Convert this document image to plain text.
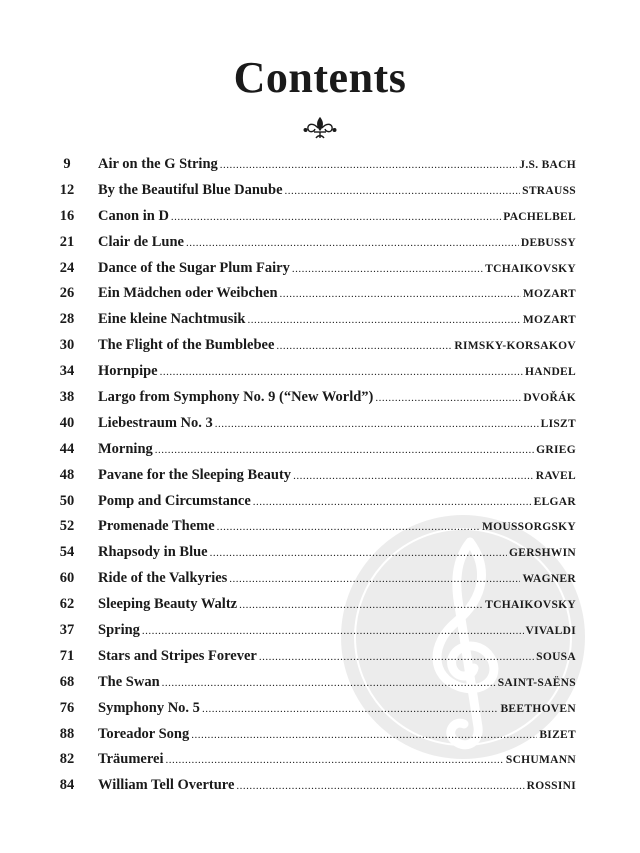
Contents
9	Air on the G String .....	J.S. BACH
12	By the Beautiful Blue Danube .....	STRAUSS
16	Canon in D .....	PACHELBEL
21	Clair de Lune .....	DEBUSSY
24	Dance of the Sugar Plum Fairy .....	TCHAIKOVSKY
26	Ein Mädchen oder Weibchen .....	MOZART
28	Eine kleine Nachtmusik .....	MOZART
30	The Flight of the Bumblebee .....	RIMSKY-KORSAKOV
34	Hornpipe .....	HANDEL
38	Largo from Symphony No. 9 (“New World”) .....	DVOŘÁK
40	Liebestraum No. 3 .....	LISZT
44	Morning .....	GRIEG
48	Pavane for the Sleeping Beauty .....	RAVEL
50	Pomp and Circumstance .....	ELGAR
52	Promenade Theme .....	MOUSSORGSKY
54	Rhapsody in Blue .....	GERSHWIN
60	Ride of the Valkyries .....	WAGNER
62	Sleeping Beauty Waltz .....	TCHAIKOVSKY
37	Spring .....	VIVALDI
71	Stars and Stripes Forever .....	SOUSA
68	The Swan .....	SAINT-SAËNS
76	Symphony No. 5 .....	BEETHOVEN
88	Toreador Song .....	BIZET
82	Träumerei .....	SCHUMANN
84	William Tell Overture .....	ROSSINI
